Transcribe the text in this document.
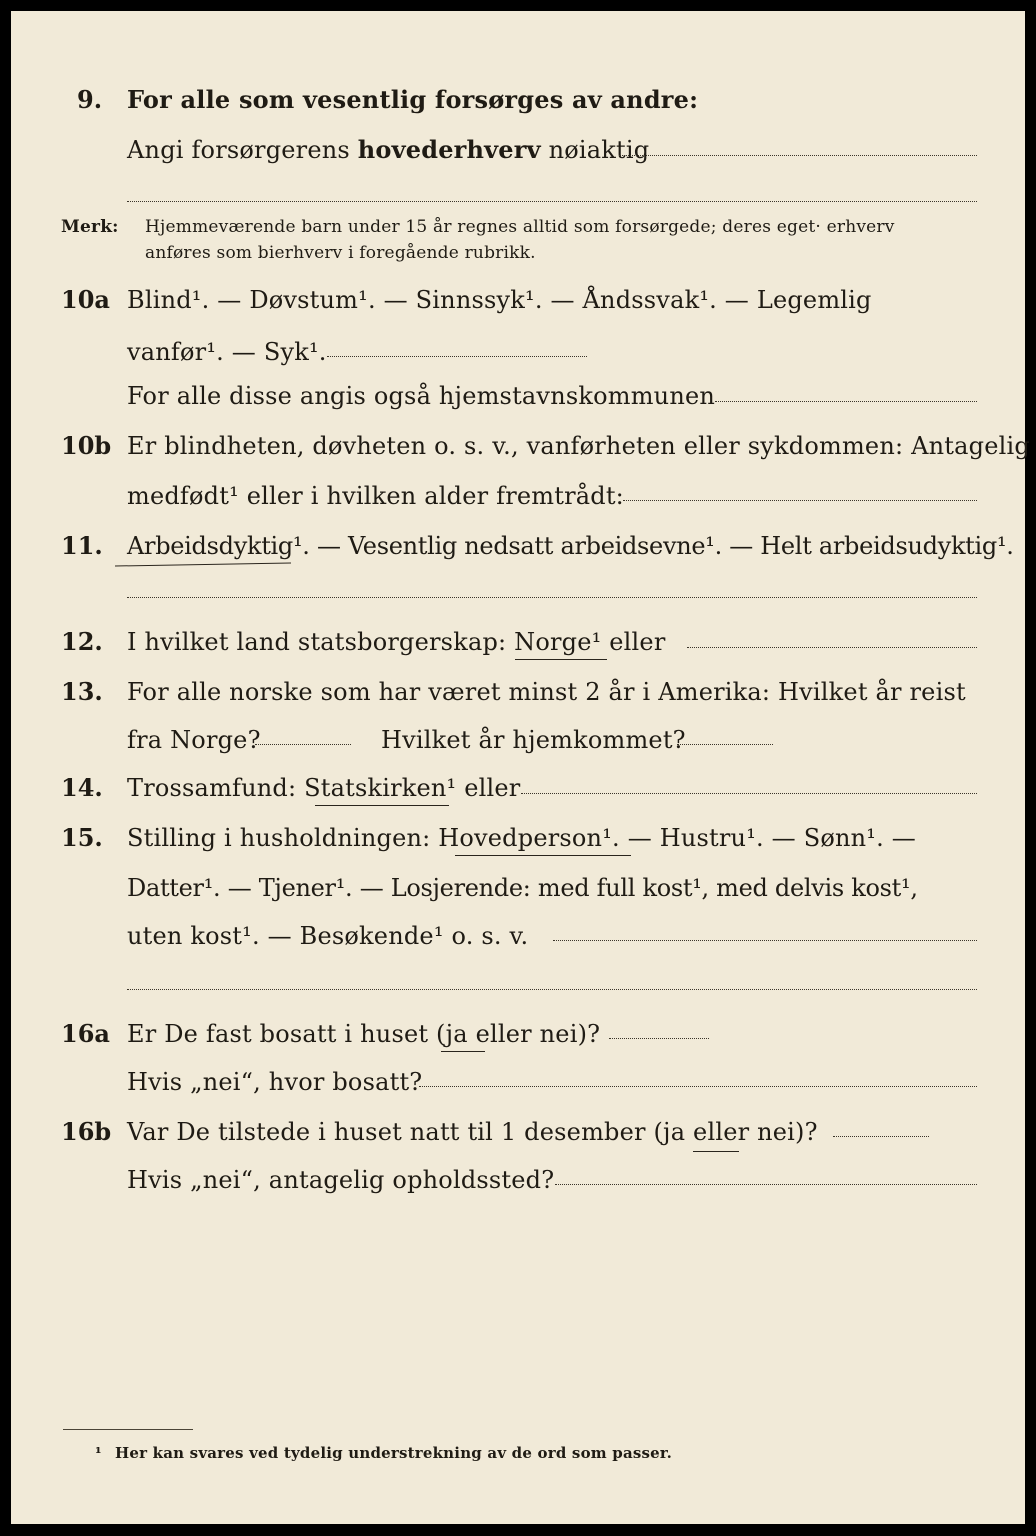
9. For alle som vesentlig forsørges av andre:
Angi forsørgerens hovederhverv nøiaktig
Merk: Hjemmeværende barn under 15 år regnes alltid som forsørgede; deres eget· erhverv
anføres som bierhverv i foregående rubrikk.
10a Blind¹. — Døvstum¹. — Sinnssyk¹. — Åndssvak¹. — Legemlig
vanfør¹. — Syk¹.
For alle disse angis også hjemstavnskommunen
10b Er blindheten, døvheten o. s. v., vanførheten eller sykdommen: Antagelig
medfødt¹ eller i hvilken alder fremtrådt:
11. Arbeidsdyktig¹. — Vesentlig nedsatt arbeidsevne¹. — Helt arbeidsudyktig¹.
12. I hvilket land statsborgerskap: Norge¹ eller
13. For alle norske som har været minst 2 år i Amerika: Hvilket år reist
fra Norge?	Hvilket år hjemkommet?
14. Trossamfund: Statskirken¹ eller
15. Stilling i husholdningen: Hovedperson¹. — Hustru¹. — Sønn¹. —
Datter¹. — Tjener¹. — Losjerende: med full kost¹, med delvis kost¹,
uten kost¹. — Besøkende¹ o. s. v.
16a Er De fast bosatt i huset (ja eller nei)?
Hvis „nei“, hvor bosatt?
16b Var De tilstede i huset natt til 1 desember (ja eller nei)?
Hvis „nei“, antagelig opholdssted?
¹ Her kan svares ved tydelig understrekning av de ord som passer.
